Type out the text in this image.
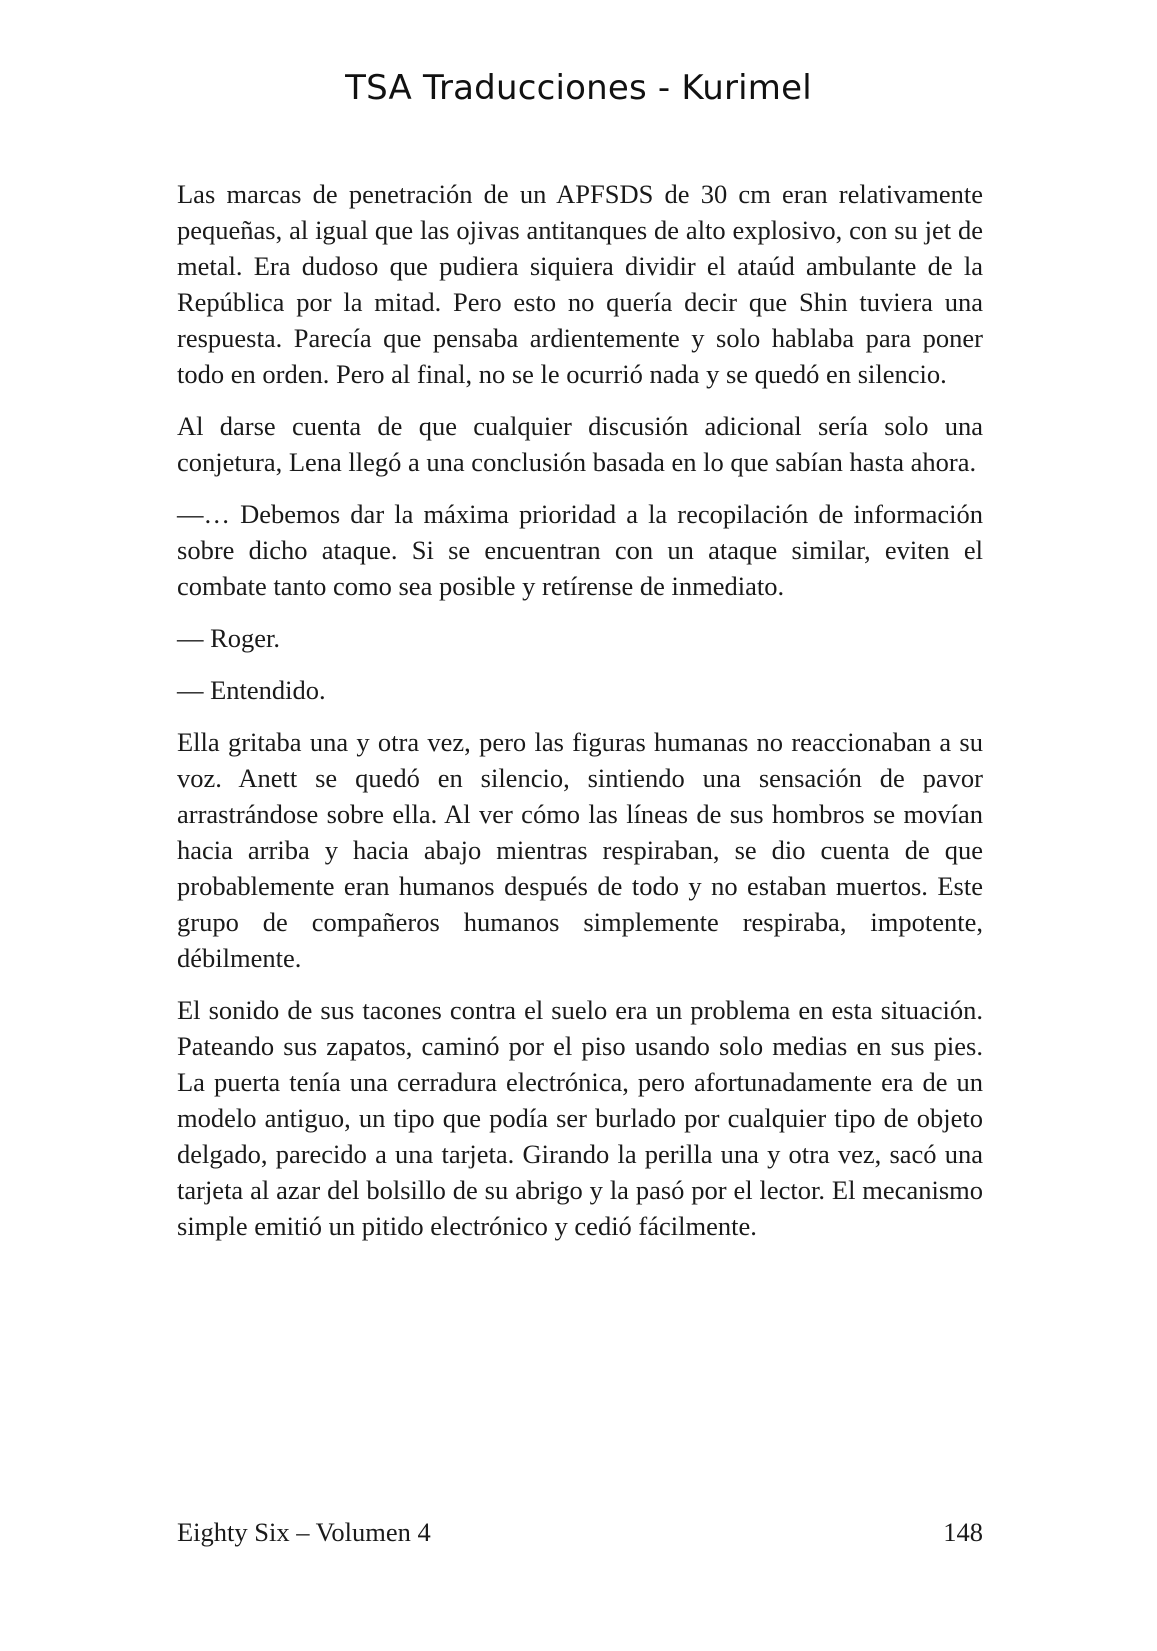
TSA Traducciones - Kurimel

Las marcas de penetración de un APFSDS de 30 cm eran relativamente pequeñas, al igual que las ojivas antitanques de alto explosivo, con su jet de metal. Era dudoso que pudiera siquiera dividir el ataúd ambulante de la República por la mitad. Pero esto no quería decir que Shin tuviera una respuesta. Parecía que pensaba ardientemente y solo hablaba para poner todo en orden. Pero al final, no se le ocurrió nada y se quedó en silencio.

Al darse cuenta de que cualquier discusión adicional sería solo una conjetura, Lena llegó a una conclusión basada en lo que sabían hasta ahora.

—… Debemos dar la máxima prioridad a la recopilación de información sobre dicho ataque. Si se encuentran con un ataque similar, eviten el combate tanto como sea posible y retírense de inmediato.

— Roger.

— Entendido.

Ella gritaba una y otra vez, pero las figuras humanas no reaccionaban a su voz. Anett se quedó en silencio, sintiendo una sensación de pavor arrastrándose sobre ella. Al ver cómo las líneas de sus hombros se movían hacia arriba y hacia abajo mientras respiraban, se dio cuenta de que probablemente eran humanos después de todo y no estaban muertos. Este grupo de compañeros humanos simplemente respiraba, impotente, débilmente.

El sonido de sus tacones contra el suelo era un problema en esta situación. Pateando sus zapatos, caminó por el piso usando solo medias en sus pies. La puerta tenía una cerradura electrónica, pero afortunadamente era de un modelo antiguo, un tipo que podía ser burlado por cualquier tipo de objeto delgado, parecido a una tarjeta. Girando la perilla una y otra vez, sacó una tarjeta al azar del bolsillo de su abrigo y la pasó por el lector. El mecanismo simple emitió un pitido electrónico y cedió fácilmente.

Eighty Six – Volumen 4	148
